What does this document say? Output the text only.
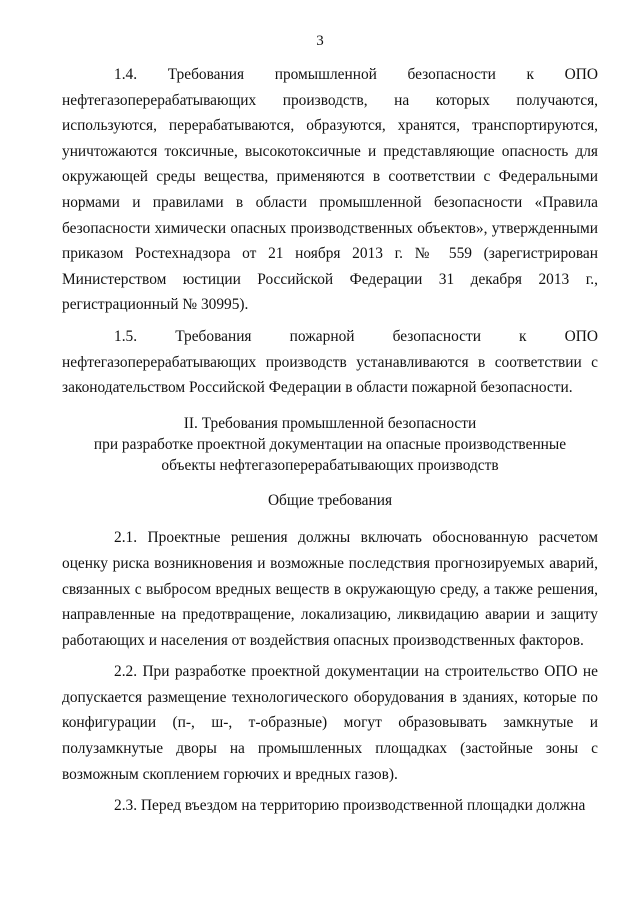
3

1.4. Требования промышленной безопасности к ОПО нефтегазоперерабатывающих производств, на которых получаются, используются, перерабатываются, образуются, хранятся, транспортируются, уничтожаются токсичные, высокотоксичные и представляющие опасность для окружающей среды вещества, применяются в соответствии с Федеральными нормами и правилами в области промышленной безопасности «Правила безопасности химически опасных производственных объектов», утвержденными приказом Ростехнадзора от 21 ноября 2013 г. № 559 (зарегистрирован Министерством юстиции Российской Федерации 31 декабря 2013 г., регистрационный № 30995).

1.5. Требования пожарной безопасности к ОПО нефтегазоперерабатывающих производств устанавливаются в соответствии с законодательством Российской Федерации в области пожарной безопасности.

II. Требования промышленной безопасности
при разработке проектной документации на опасные производственные
объекты нефтегазоперерабатывающих производств
Общие требования

2.1. Проектные решения должны включать обоснованную расчетом оценку риска возникновения и возможные последствия прогнозируемых аварий, связанных с выбросом вредных веществ в окружающую среду, а также решения, направленные на предотвращение, локализацию, ликвидацию аварии и защиту работающих и населения от воздействия опасных производственных факторов.

2.2. При разработке проектной документации на строительство ОПО не допускается размещение технологического оборудования в зданиях, которые по конфигурации (п-, ш-, т-образные) могут образовывать замкнутые и полузамкнутые дворы на промышленных площадках (застойные зоны с возможным скоплением горючих и вредных газов).

2.3. Перед въездом на территорию производственной площадки должна
